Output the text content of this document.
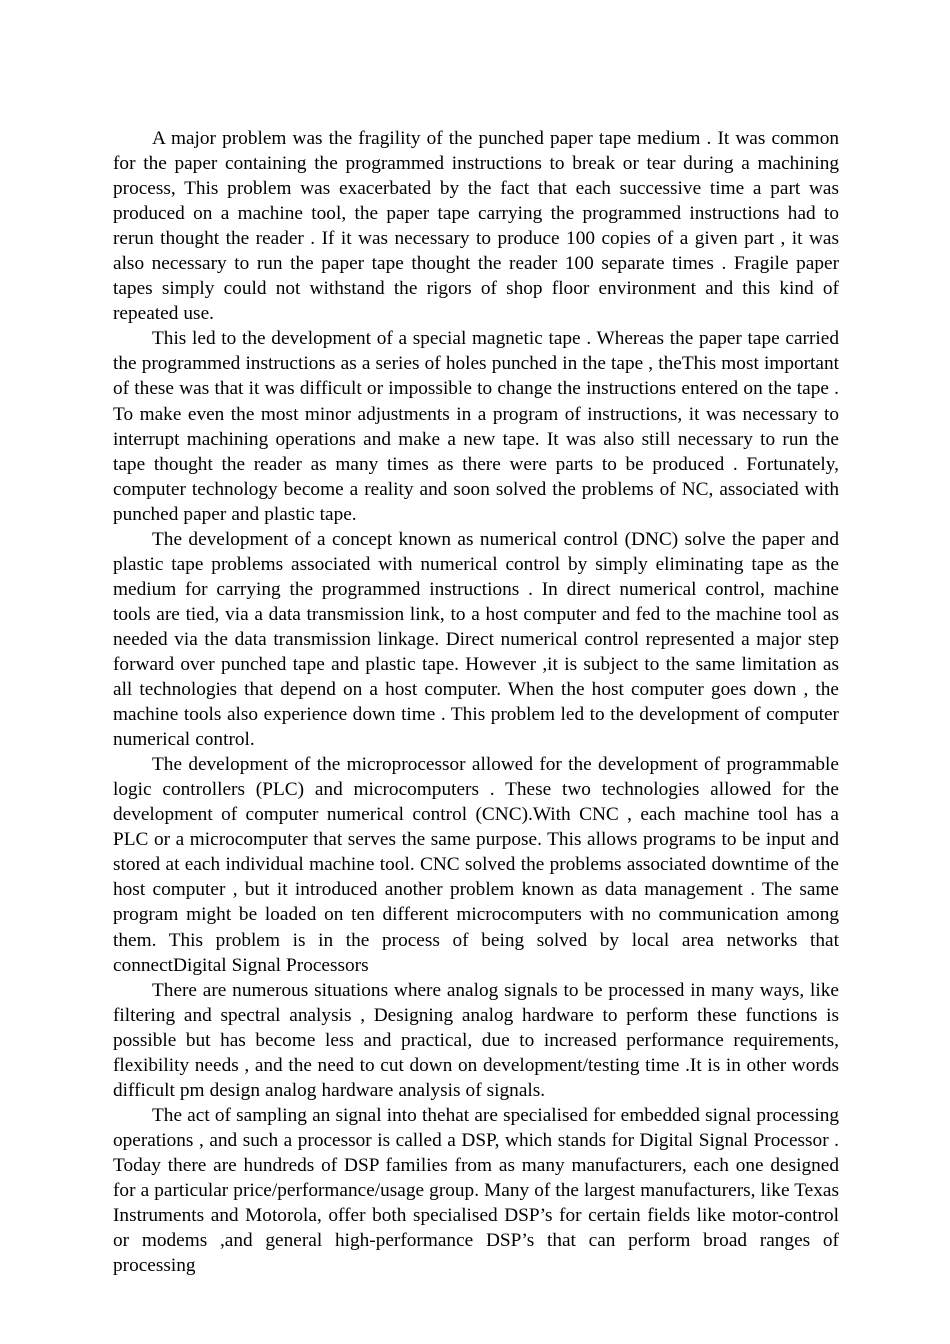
A major problem was the fragility of the punched paper tape medium . It was common for the paper containing the programmed instructions to break or tear during a machining process, This problem was exacerbated by the fact that each successive time a part was produced on a machine tool, the paper tape carrying the programmed instructions had to rerun thought the reader . If it was necessary to produce 100 copies of a given part , it was also necessary to run the paper tape thought the reader 100 separate times . Fragile paper tapes simply could not withstand the rigors of shop floor environment and this kind of repeated use.

This led to the development of a special magnetic tape . Whereas the paper tape carried the programmed instructions as a series of holes punched in the tape , theThis most important of these was that it was difficult or impossible to change the instructions entered on the tape . To make even the most minor adjustments in a program of instructions, it was necessary to interrupt machining operations and make a new tape. It was also still necessary to run the tape thought the reader as many times as there were parts to be produced . Fortunately, computer technology become a reality and soon solved the problems of NC, associated with punched paper and plastic tape.

The development of a concept known as numerical control (DNC) solve the paper and plastic tape problems associated with numerical control by simply eliminating tape as the medium for carrying the programmed instructions . In direct numerical control, machine tools are tied, via a data transmission link, to a host computer and fed to the machine tool as needed via the data transmission linkage. Direct numerical control represented a major step forward over punched tape and plastic tape. However ,it is subject to the same limitation as all technologies that depend on a host computer. When the host computer goes down , the machine tools also experience down time . This problem led to the development of computer numerical control.

The development of the microprocessor allowed for the development of programmable logic controllers (PLC) and microcomputers . These two technologies allowed for the development of computer numerical control (CNC).With CNC , each machine tool has a PLC or a microcomputer that serves the same purpose. This allows programs to be input and stored at each individual machine tool. CNC solved the problems associated downtime of the host computer , but it introduced another problem known as data management . The same program might be loaded on ten different microcomputers with no communication among them. This problem is in the process of being solved by local area networks that connectDigital Signal Processors

There are numerous situations where analog signals to be processed in many ways, like filtering and spectral analysis , Designing analog hardware to perform these functions is possible but has become less and practical, due to increased performance requirements, flexibility needs , and the need to cut down on development/testing time .It is in other words difficult pm design analog hardware analysis of signals.

The act of sampling an signal into thehat are specialised for embedded signal processing operations , and such a processor is called a DSP, which stands for Digital Signal Processor . Today there are hundreds of DSP families from as many manufacturers, each one designed for a particular price/performance/usage group. Many of the largest manufacturers, like Texas Instruments and Motorola, offer both specialised DSP’s for certain fields like motor-control or modems ,and general high-performance DSP’s that can perform broad ranges of processing
